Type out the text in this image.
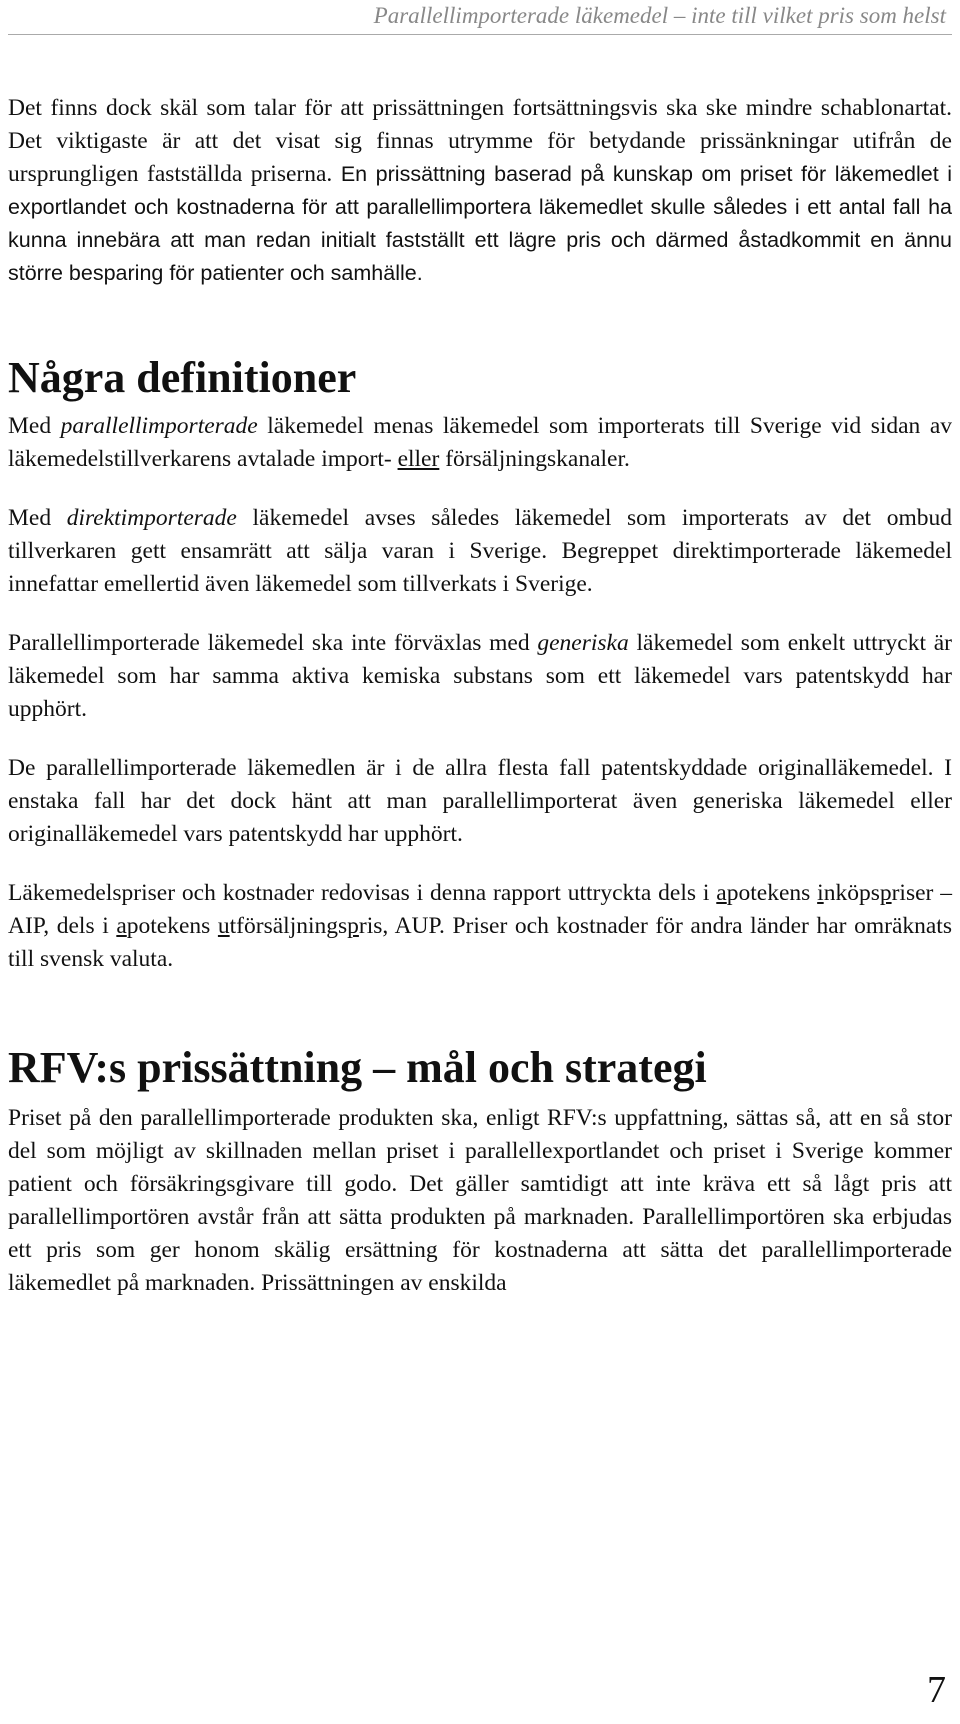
Parallellimporterade läkemedel – inte till vilket pris som helst

Det finns dock skäl som talar för att prissättningen fortsättningsvis ska ske mindre schablonartat. Det viktigaste är att det visat sig finnas utrymme för betydande prissänkningar utifrån de ursprungligen fastställda priserna. En prissättning baserad på kunskap om priset för läkemedlet i exportlandet och kostnaderna för att parallellimportera läkemedlet skulle således i ett antal fall ha kunna innebära att man redan initialt fastställt ett lägre pris och därmed åstadkommit en ännu större besparing för patienter och samhälle.

Några definitioner

Med parallellimporterade läkemedel menas läkemedel som importerats till Sverige vid sidan av läkemedelstillverkarens avtalade import- eller försäljningskanaler.

Med direktimporterade läkemedel avses således läkemedel som importerats av det ombud tillverkaren gett ensamrätt att sälja varan i Sverige. Begreppet direktimporterade läkemedel innefattar emellertid även läkemedel som tillverkats i Sverige.

Parallellimporterade läkemedel ska inte förväxlas med generiska läkemedel som enkelt uttryckt är läkemedel som har samma aktiva kemiska substans som ett läkemedel vars patentskydd har upphört.

De parallellimporterade läkemedlen är i de allra flesta fall patentskyddade originalläkemedel. I enstaka fall har det dock hänt att man parallellimporterat även generiska läkemedel eller originalläkemedel vars patentskydd har upphört.

Läkemedelspriser och kostnader redovisas i denna rapport uttryckta dels i apotekens inköpspriser – AIP, dels i apotekens utförsäljningspris, AUP. Priser och kostnader för andra länder har omräknats till svensk valuta.

RFV:s prissättning – mål och strategi

Priset på den parallellimporterade produkten ska, enligt RFV:s uppfattning, sättas så, att en så stor del som möjligt av skillnaden mellan priset i parallellexportlandet och priset i Sverige kommer patient och försäkringsgivare till godo. Det gäller samtidigt att inte kräva ett så lågt pris att parallellimportören avstår från att sätta produkten på marknaden. Parallellimportören ska erbjudas ett pris som ger honom skälig ersättning för kostnaderna att sätta det parallellimporterade läkemedlet på marknaden. Prissättningen av enskilda

7
